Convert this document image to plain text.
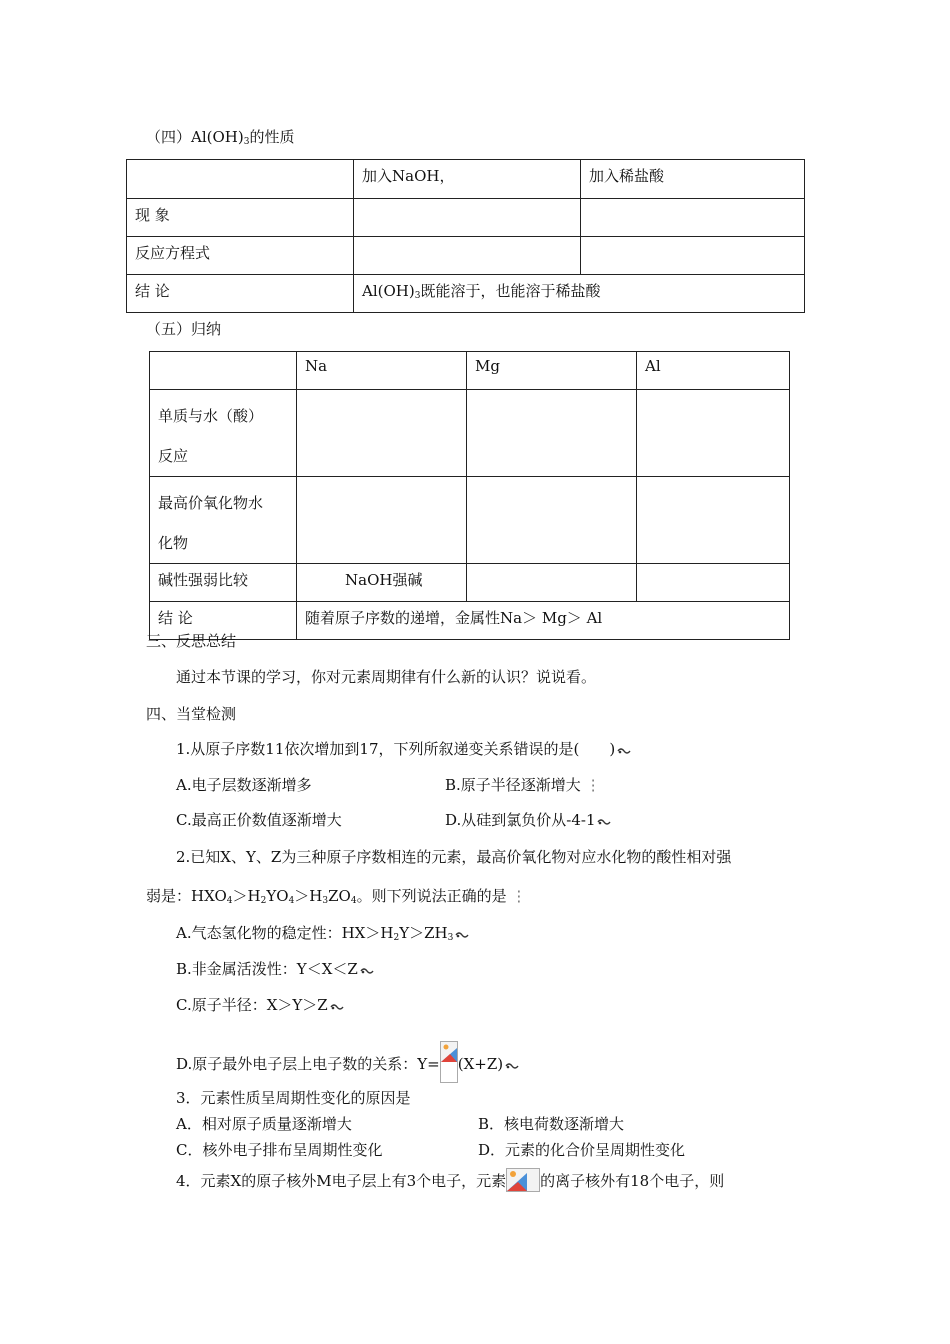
（四）$Al(OH)_3$的性质
	加入NaOH，	加入稀盐酸
现 象		
反应方程式		
结 论	$Al(OH)_3$既能溶于，也能溶于稀盐酸	
（五）归纳
	Na	Mg	Al

单质与水（酸）
反应			

最高价氧化物水
化物			

碱性强弱比较	NaOH强碱		
结 论	随着原子序数的递增，金属性Na＞ Mg＞ Al		
三、反思总结
通过本节课的学习，你对元素周期律有什么新的认识？说说看。
四、当堂检测
1.从原子序数11依次增加到17，下列所叙递变关系错误的是(　　)
A.电子层数逐渐增多	B.原子半径逐渐增大 ⋮
C.最高正价数值逐渐增大	D.从硅到氯负价从-4-1
2.已知X、Y、Z为三种原子序数相连的元素，最高价氧化物对应水化物的酸性相对强
弱是：$HXO_4>H_2YO_4>H_3ZO_4$。则下列说法正确的是 ⋮
A.气态氢化物的稳定性：$HX>H_2Y>ZH_3$
B.非金属活泼性：Y＜X＜Z
C.原子半径：X＞Y＞Z
D.原子最外电子层上电子数的关系：Y= (X+Z)
3．元素性质呈周期性变化的原因是
A．相对原子质量逐渐增大	B．核电荷数逐渐增大
C．核外电子排布呈周期性变化	D．元素的化合价呈周期性变化
4．元素X的原子核外M电子层上有3个电子，元素 的离子核外有18个电子，则
